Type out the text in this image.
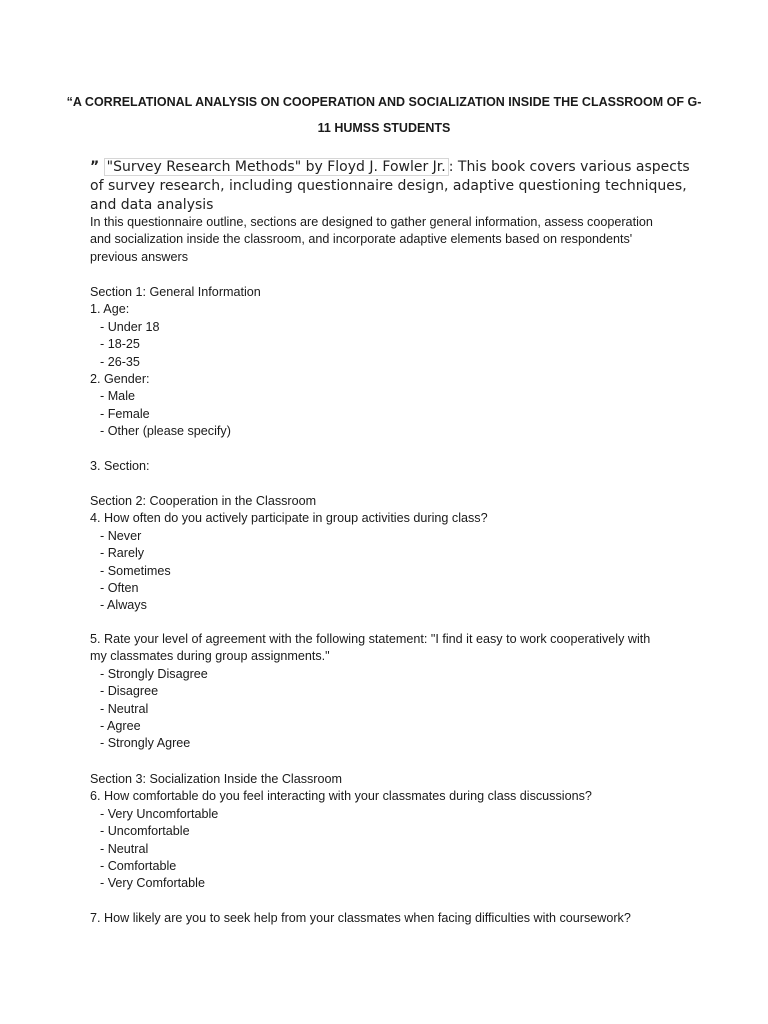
“A CORRELATIONAL ANALYSIS ON COOPERATION AND SOCIALIZATION INSIDE THE CLASSROOM OF G-
11 HUMSS STUDENTS
” "Survey Research Methods" by Floyd J. Fowler Jr. : This book covers various aspects of survey research, including questionnaire design, adaptive questioning techniques, and data analysis
In this questionnaire outline, sections are designed to gather general information, assess cooperation
and socialization inside the classroom, and incorporate adaptive elements based on respondents'
previous answers
Section 1: General Information
1. Age:
- Under 18
- 18-25
- 26-35
2. Gender:
- Male
- Female
- Other (please specify)
3. Section:
Section 2: Cooperation in the Classroom
4. How often do you actively participate in group activities during class?
- Never
- Rarely
- Sometimes
- Often
- Always
5. Rate your level of agreement with the following statement: "I find it easy to work cooperatively with
my classmates during group assignments."
- Strongly Disagree
- Disagree
- Neutral
- Agree
- Strongly Agree
Section 3: Socialization Inside the Classroom
6. How comfortable do you feel interacting with your classmates during class discussions?
- Very Uncomfortable
- Uncomfortable
- Neutral
- Comfortable
- Very Comfortable
7. How likely are you to seek help from your classmates when facing difficulties with coursework?
